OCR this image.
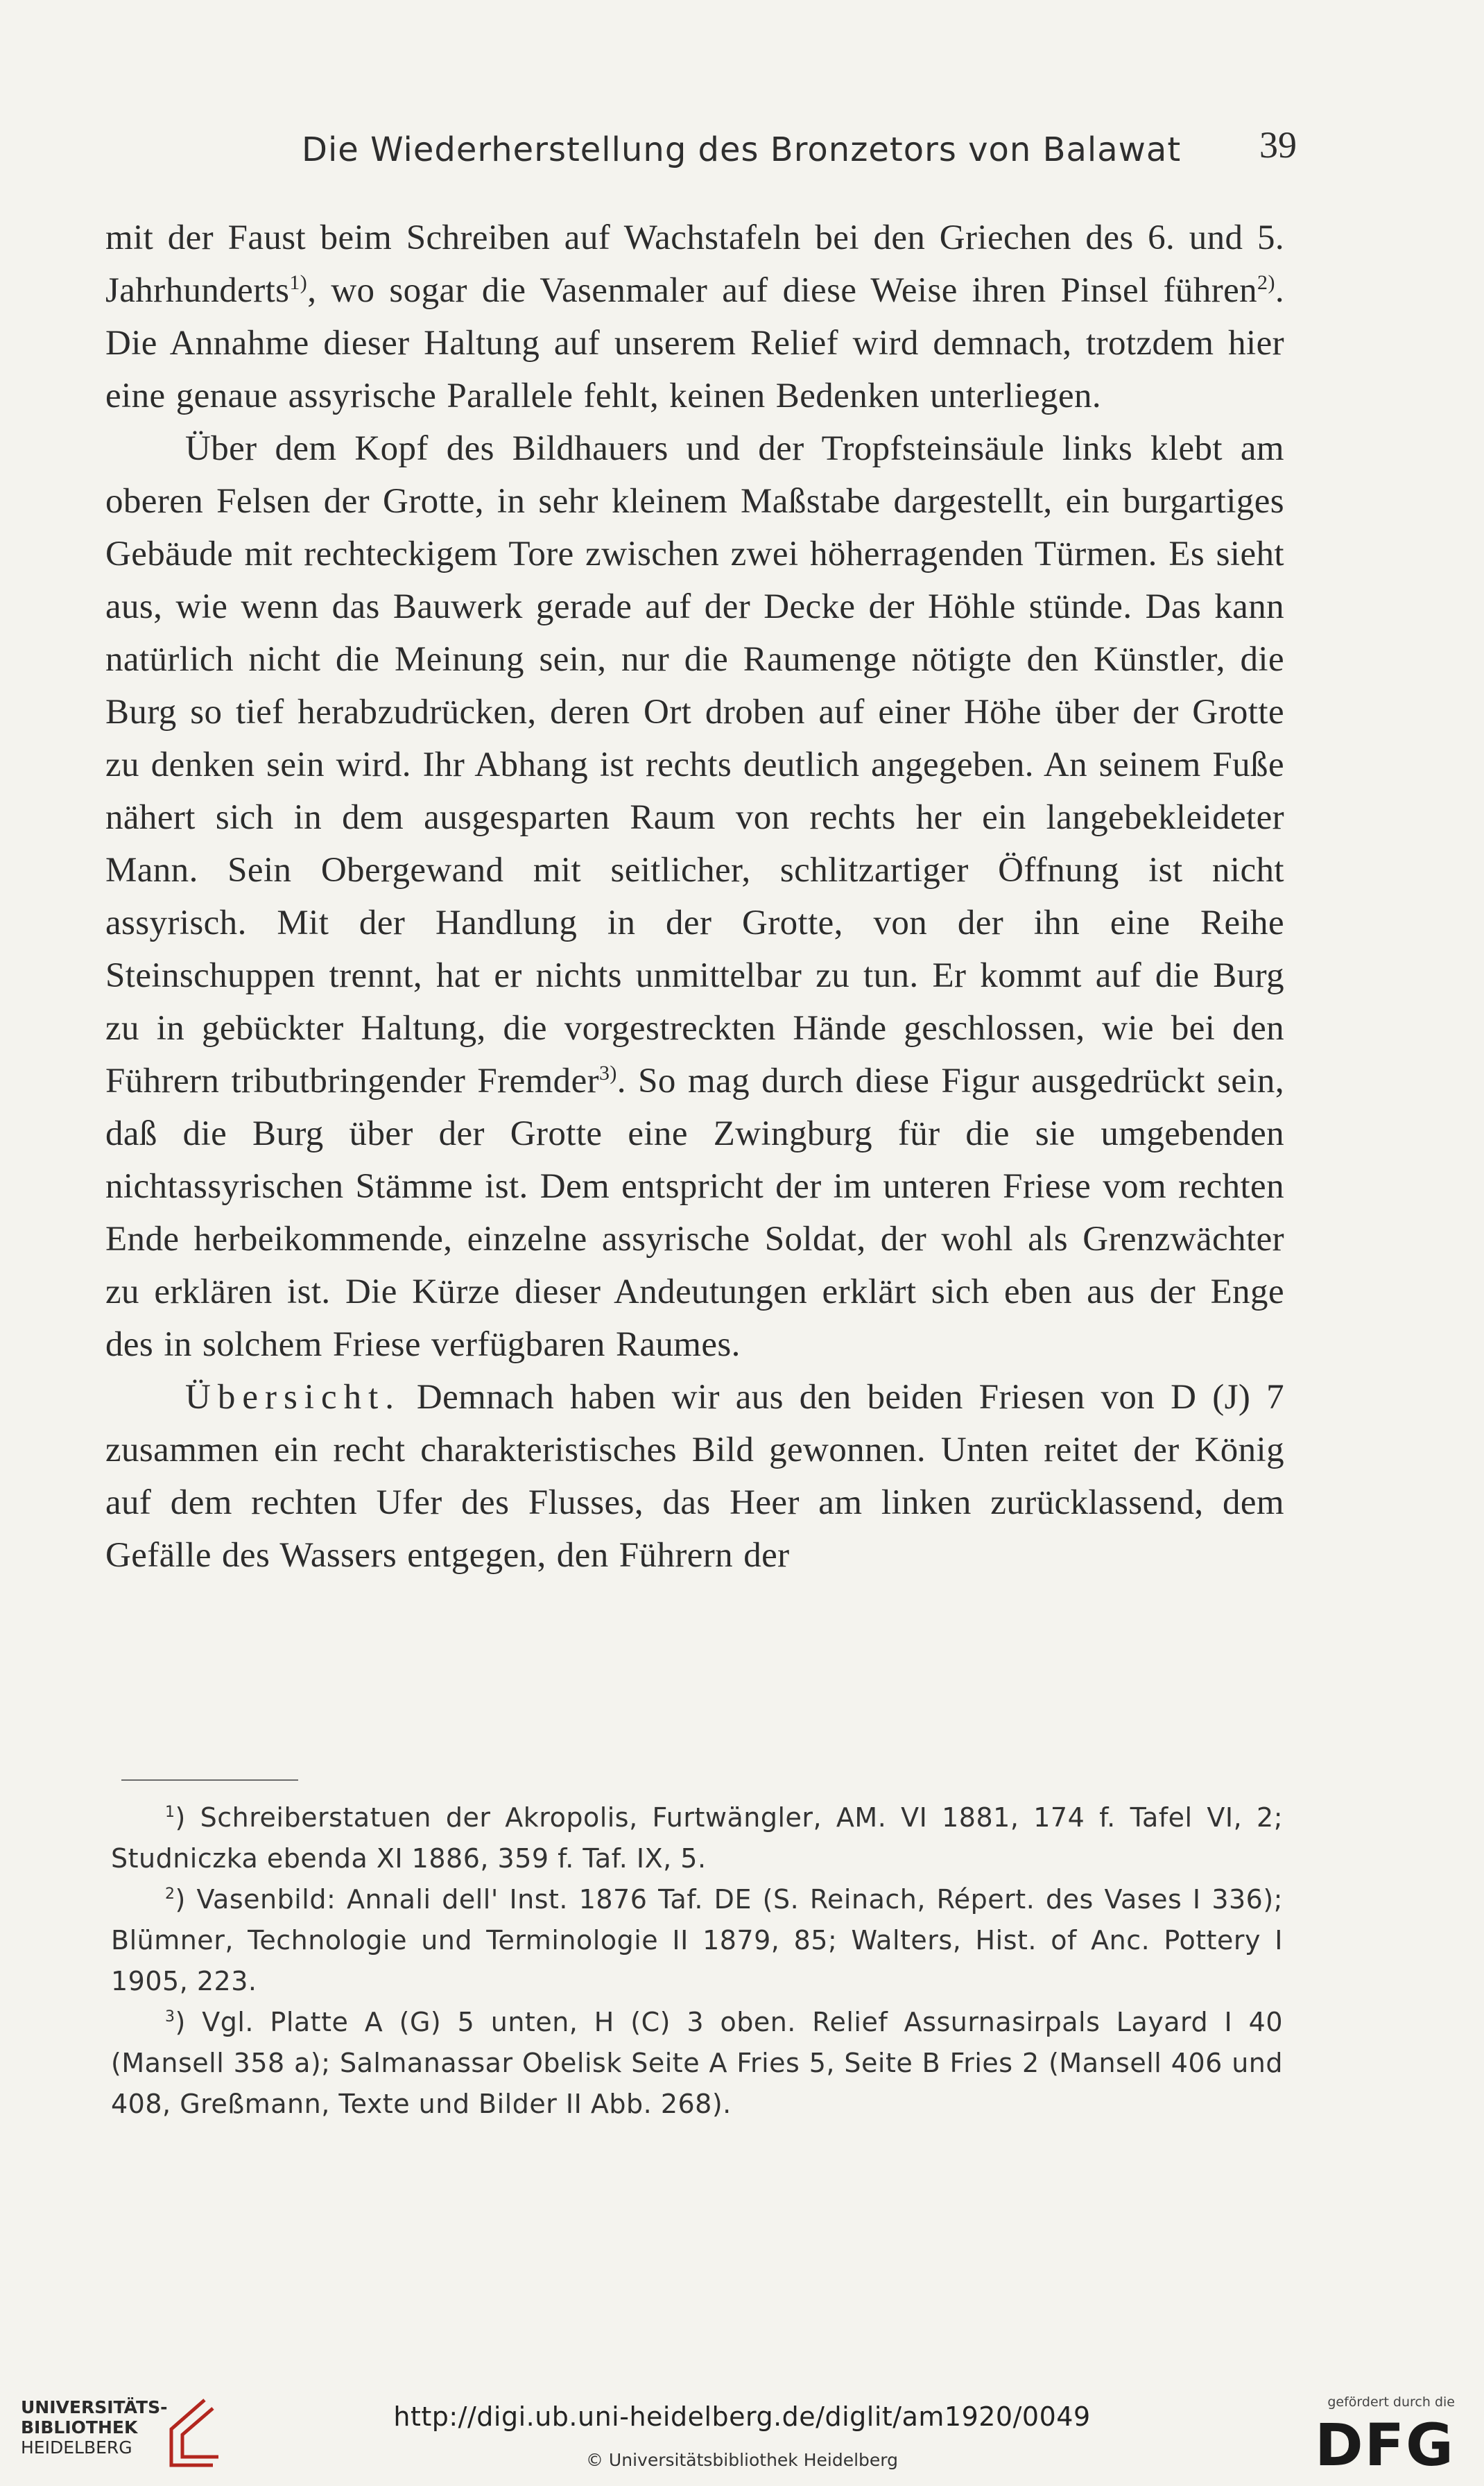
Die Wiederherstellung des Bronzetors von Balawat 39

mit der Faust beim Schreiben auf Wachstafeln bei den Griechen des 6. und 5. Jahrhunderts$^{1)}$, wo sogar die Vasenmaler auf diese Weise ihren Pinsel führen$^{2)}$. Die Annahme dieser Haltung auf unserem Relief wird demnach, trotzdem hier eine genaue assyrische Parallele fehlt, keinen Bedenken unterliegen.

Über dem Kopf des Bildhauers und der Tropfsteinsäule links klebt am oberen Felsen der Grotte, in sehr kleinem Maßstabe dargestellt, ein burgartiges Gebäude mit rechteckigem Tore zwischen zwei höherragenden Türmen. Es sieht aus, wie wenn das Bauwerk gerade auf der Decke der Höhle stünde. Das kann natürlich nicht die Meinung sein, nur die Raumenge nötigte den Künstler, die Burg so tief herabzudrücken, deren Ort droben auf einer Höhe über der Grotte zu denken sein wird. Ihr Abhang ist rechts deutlich angegeben. An seinem Fuße nähert sich in dem ausgesparten Raum von rechts her ein langebekleideter Mann. Sein Obergewand mit seitlicher, schlitzartiger Öffnung ist nicht assyrisch. Mit der Handlung in der Grotte, von der ihn eine Reihe Steinschuppen trennt, hat er nichts unmittelbar zu tun. Er kommt auf die Burg zu in gebückter Haltung, die vorgestreckten Hände geschlossen, wie bei den Führern tributbringender Fremder$^{3)}$. So mag durch diese Figur ausgedrückt sein, daß die Burg über der Grotte eine Zwingburg für die sie umgebenden nichtassyrischen Stämme ist. Dem entspricht der im unteren Friese vom rechten Ende herbeikommende, einzelne assyrische Soldat, der wohl als Grenzwächter zu erklären ist. Die Kürze dieser Andeutungen erklärt sich eben aus der Enge des in solchem Friese verfügbaren Raumes.

Übersicht. Demnach haben wir aus den beiden Friesen von D (J) 7 zusammen ein recht charakteristisches Bild gewonnen. Unten reitet der König auf dem rechten Ufer des Flusses, das Heer am linken zurücklassend, dem Gefälle des Wassers entgegen, den Führern der

$^1$) Schreiberstatuen der Akropolis, Furtwängler, AM. VI 1881, 174 f. Tafel VI, 2; Studniczka ebenda XI 1886, 359 f. Taf. IX, 5.

$^2$) Vasenbild: Annali dell' Inst. 1876 Taf. DE (S. Reinach, Répert. des Vases I 336); Blümner, Technologie und Terminologie II 1879, 85; Walters, Hist. of Anc. Pottery I 1905, 223.

$^3$) Vgl. Platte A (G) 5 unten, H (C) 3 oben. Relief Assurnasirpals Layard I 40 (Mansell 358 a); Salmanassar Obelisk Seite A Fries 5, Seite B Fries 2 (Mansell 406 und 408, Greßmann, Texte und Bilder II Abb. 268).

UNIVERSITÄTS-
BIBLIOTHEK
HEIDELBERG
http://digi.ub.uni-heidelberg.de/diglit/am1920/0049
© Universitätsbibliothek Heidelberg
gefördert durch die
DFG
